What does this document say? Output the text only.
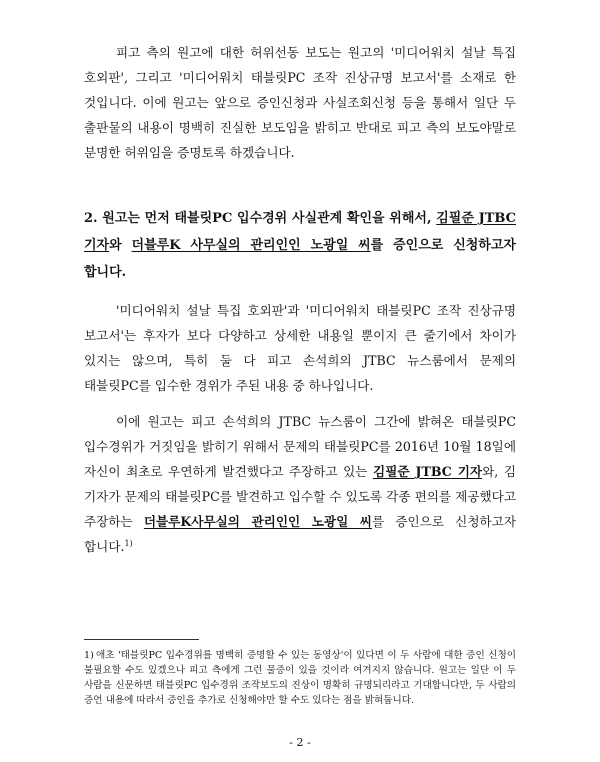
피고 측의 원고에 대한 허위선동 보도는 원고의 '미디어워치 설날 특집 호외판', 그리고 '미디어워치 태블릿PC 조작 진상규명 보고서'를 소재로 한 것입니다. 이에 원고는 앞으로 증인신청과 사실조회신청 등을 통해서 일단 두 출판물의 내용이 명백히 진실한 보도임을 밝히고 반대로 피고 측의 보도야말로 분명한 허위임을 증명토록 하겠습니다.

2. 원고는 먼저 태블릿PC 입수경위 사실관계 확인을 위해서, 김필준 JTBC 기자와 더블루K 사무실의 관리인인 노광일 씨를 증인으로 신청하고자 합니다.

'미디어워치 설날 특집 호외판'과 '미디어워치 태블릿PC 조작 진상규명 보고서'는 후자가 보다 다양하고 상세한 내용일 뿐이지 큰 줄기에서 차이가 있지는 않으며, 특히 둘 다 피고 손석희의 JTBC 뉴스룸에서 문제의 태블릿PC를 입수한 경위가 주된 내용 중 하나입니다.

이에 원고는 피고 손석희의 JTBC 뉴스룸이 그간에 밝혀온 태블릿PC 입수경위가 거짓임을 밝히기 위해서 문제의 태블릿PC를 2016년 10월 18일에 자신이 최초로 우연하게 발견했다고 주장하고 있는 김필준 JTBC 기자와, 김 기자가 문제의 태블릿PC를 발견하고 입수할 수 있도록 각종 편의를 제공했다고 주장하는 더블루K사무실의 관리인인 노광일 씨를 증인으로 신청하고자 합니다.$^{1)}$

1) 애초 '태블릿PC 입수경위를 명백히 증명할 수 있는 동영상'이 있다면 이 두 사람에 대한 증인 신청이 불필요할 수도 있겠으나 피고 측에게 그런 물증이 있을 것이라 여겨지지 않습니다. 원고는 일단 이 두 사람을 신문하면 태블릿PC 입수경위 조작보도의 진상이 명확히 규명되리라고 기대합니다만, 두 사람의 증언 내용에 따라서 증인을 추가로 신청해야만 할 수도 있다는 점을 밝혀둡니다.

- 2 -
